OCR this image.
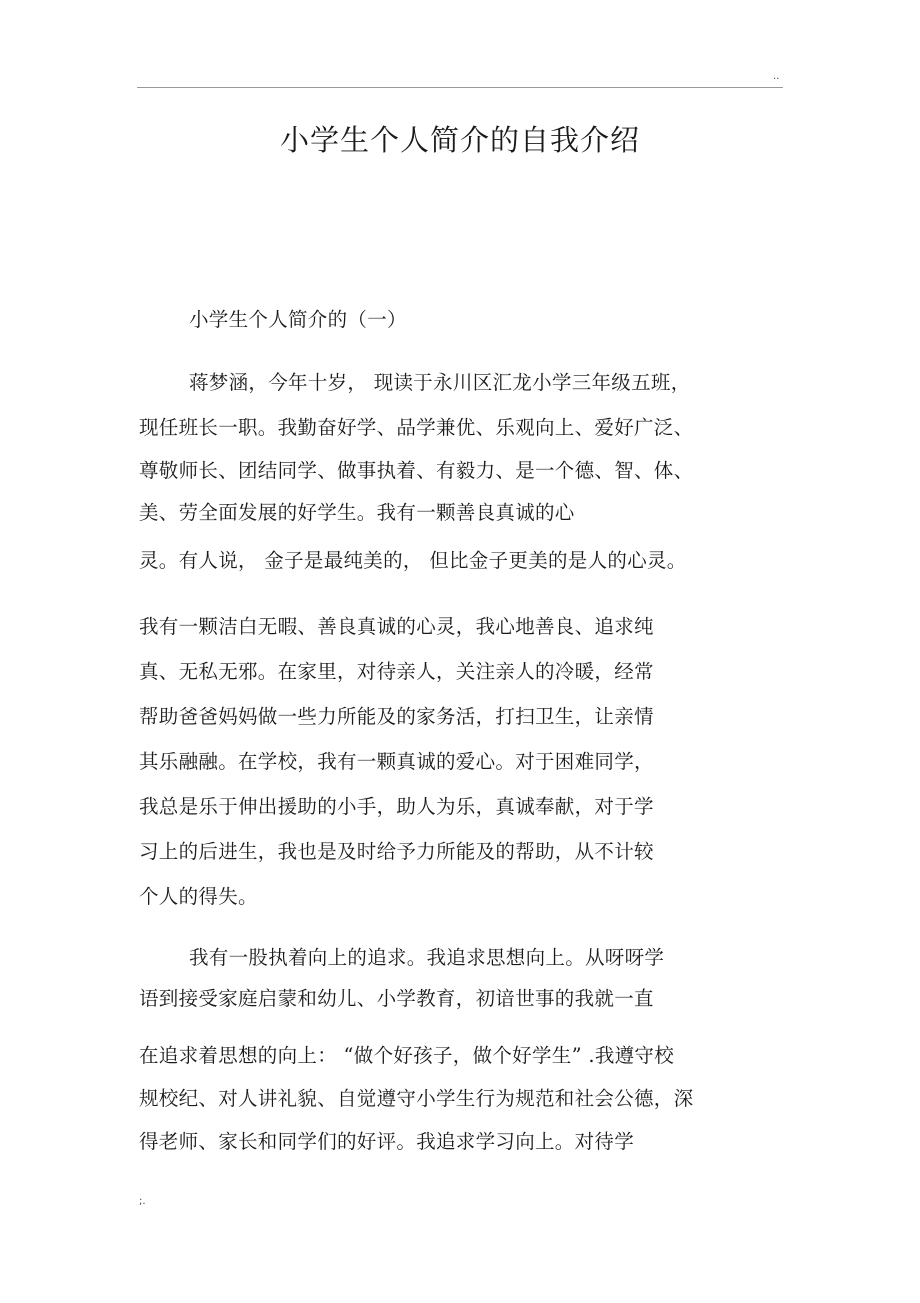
..
小学生个人简介的自我介绍
小学生个人简介的（一）
蒋梦涵，今年十岁， 现读于永川区汇龙小学三年级五班，
现任班长一职。我勤奋好学、品学兼优、乐观向上、爱好广泛、
尊敬师长、团结同学、做事执着、有毅力、是一个德、智、体、
美、劳全面发展的好学生。我有一颗善良真诚的心
灵。有人说， 金子是最纯美的， 但比金子更美的是人的心灵。
我有一颗洁白无暇、善良真诚的心灵，我心地善良、追求纯
真、无私无邪。在家里，对待亲人，关注亲人的冷暖，经常
帮助爸爸妈妈做一些力所能及的家务活，打扫卫生，让亲情
其乐融融。在学校，我有一颗真诚的爱心。对于困难同学，
我总是乐于伸出援助的小手，助人为乐，真诚奉献，对于学
习上的后进生，我也是及时给予力所能及的帮助，从不计较
个人的得失。
我有一股执着向上的追求。我追求思想向上。从呀呀学
语到接受家庭启蒙和幼儿、小学教育，初谙世事的我就一直
在追求着思想的向上： “做个好孩子，做个好学生” .我遵守校
规校纪、对人讲礼貌、自觉遵守小学生行为规范和社会公德，深
得老师、家长和同学们的好评。我追求学习向上。对待学
;.
